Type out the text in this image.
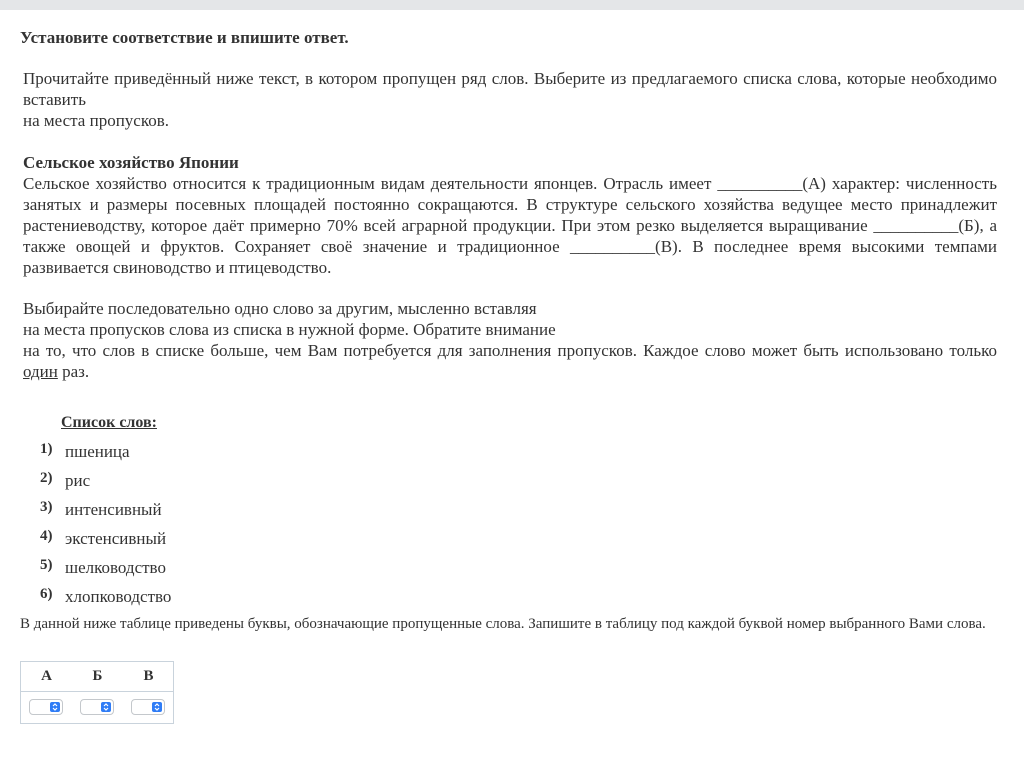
Установите соответствие и впишите ответ.
Прочитайте приведённый ниже текст, в котором пропущен ряд слов. Выберите из предлагаемого списка слова, которые необходимо вставить
на места пропусков.
Сельское хозяйство Японии
Сельское хозяйство относится к традиционным видам деятельности японцев. Отрасль имеет __________(А) характер: численность занятых и размеры посевных площадей постоянно сокращаются. В структуре сельского хозяйства ведущее место принадлежит растениеводству, которое даёт примерно 70% всей аграрной продукции. При этом резко выделяется выращивание __________(Б), а также овощей и фруктов. Сохраняет своё значение и традиционное __________(В). В последнее время высокими темпами развивается свиноводство и птицеводство.
Выбирайте последовательно одно слово за другим, мысленно вставляя
на места пропусков слова из списка в нужной форме. Обратите внимание
на то, что слов в списке больше, чем Вам потребуется для заполнения пропусков. Каждое слово может быть использовано только один раз.
Список слов:
1) пшеница
2) рис
3) интенсивный
4) экстенсивный
5) шелководство
6) хлопководство
В данной ниже таблице приведены буквы, обозначающие пропущенные слова. Запишите в таблицу под каждой буквой номер выбранного Вами слова.
А	Б	В
